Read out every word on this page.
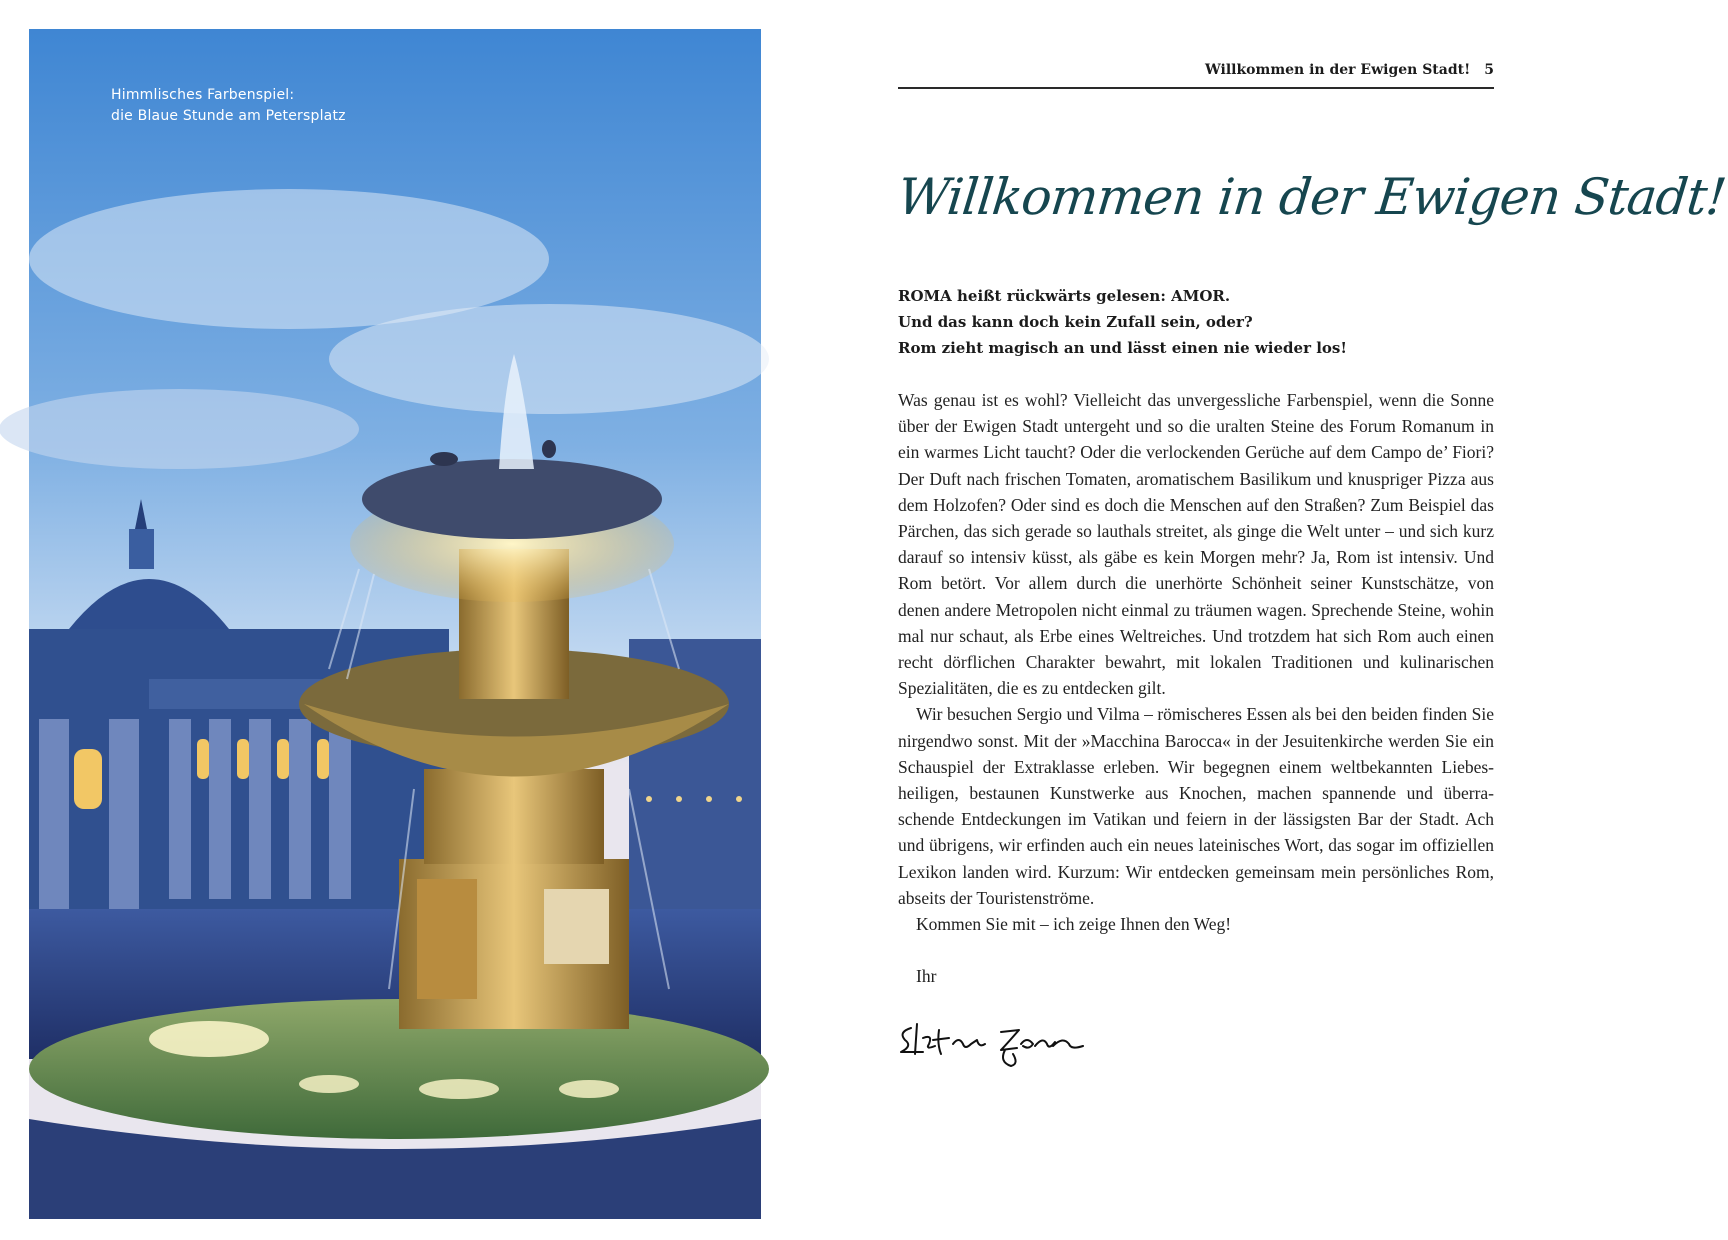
Himmlisches Farbenspiel:
die Blaue Stunde am Petersplatz
Willkommen in der Ewigen Stadt! 5
Willkommen in der Ewigen Stadt!
ROMA heißt rückwärts gelesen: AMOR.
Und das kann doch kein Zufall sein, oder?
Rom zieht magisch an und lässt einen nie wieder los!

Was genau ist es wohl? Vielleicht das unvergessliche Farbenspiel, wenn die Sonne über der Ewigen Stadt untergeht und so die uralten Steine des Forum Romanum in ein warmes Licht taucht? Oder die verlockenden Gerüche auf dem Campo de’ Fiori? Der Duft nach frischen Tomaten, aromatischem Basilikum und knuspriger Pizza aus dem Holzofen? Oder sind es doch die Menschen auf den Straßen? Zum Beispiel das Pärchen, das sich gerade so lauthals streitet, als ginge die Welt unter – und sich kurz darauf so intensiv küsst, als gäbe es kein Morgen mehr? Ja, Rom ist intensiv. Und Rom betört. Vor allem durch die unerhörte Schönheit seiner Kunstschätze, von denen andere Metropolen nicht einmal zu träumen wagen. Sprechende Steine, wohin mal nur schaut, als Erbe eines Weltreiches. Und trotzdem hat sich Rom auch einen recht dörflichen Charakter bewahrt, mit lokalen Traditionen und kulinarischen Spezialitäten, die es zu entdecken gilt.

Wir besuchen Sergio und Vilma – römischeres Essen als bei den beiden finden Sie nirgendwo sonst. Mit der »Macchina Barocca« in der Jesuitenkirche werden Sie ein Schauspiel der Extraklasse erleben. Wir begegnen einem weltbekannten Liebesheiligen, bestaunen Kunstwerke aus Knochen, machen spannende und überraschende Entdeckungen im Vatikan und feiern in der lässigsten Bar der Stadt. Ach und übrigens, wir erfinden auch ein neues lateinisches Wort, das sogar im offiziellen Lexikon landen wird. Kurzum: Wir entdecken gemeinsam mein persönliches Rom, abseits der Touristenströme.

Kommen Sie mit – ich zeige Ihnen den Weg!

Ihr
